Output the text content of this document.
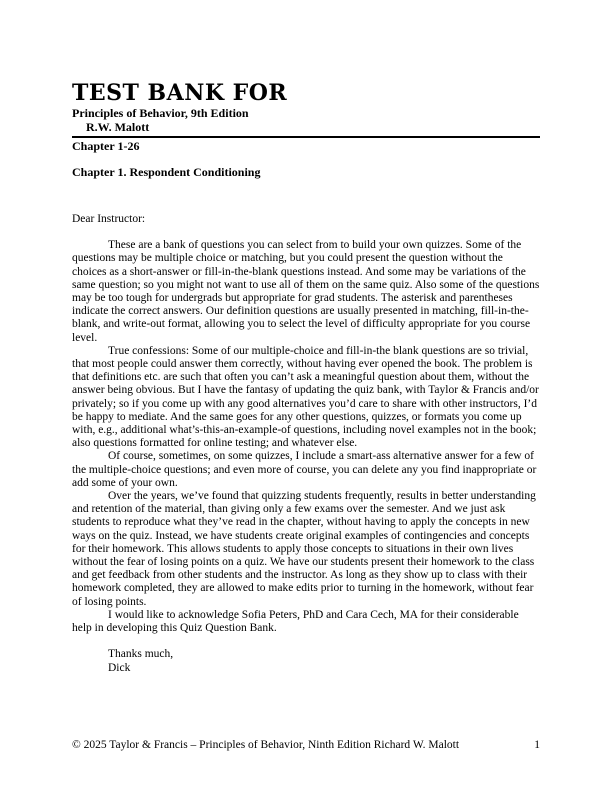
TEST BANK FOR
Principles of Behavior, 9th Edition
R.W. Malott
Chapter 1-26
Chapter 1. Respondent Conditioning
Dear Instructor:

These are a bank of questions you can select from to build your own quizzes. Some of the questions may be multiple choice or matching, but you could present the question without the choices as a short-answer or fill-in-the-blank questions instead. And some may be variations of the same question; so you might not want to use all of them on the same quiz. Also some of the questions may be too tough for undergrads but appropriate for grad students. The asterisk and parentheses indicate the correct answers. Our definition questions are usually presented in matching, fill-in-the-blank, and write-out format, allowing you to select the level of difficulty appropriate for you course level.

True confessions: Some of our multiple-choice and fill-in-the blank questions are so trivial, that most people could answer them correctly, without having ever opened the book. The problem is that definitions etc. are such that often you can’t ask a meaningful question about them, without the answer being obvious. But I have the fantasy of updating the quiz bank, with Taylor & Francis and/or privately; so if you come up with any good alternatives you’d care to share with other instructors, I’d be happy to mediate. And the same goes for any other questions, quizzes, or formats you come up with, e.g., additional what’s-this-an-example-of questions, including novel examples not in the book; also questions formatted for online testing; and whatever else.

Of course, sometimes, on some quizzes, I include a smart-ass alternative answer for a few of the multiple-choice questions; and even more of course, you can delete any you find inappropriate or add some of your own.

Over the years, we’ve found that quizzing students frequently, results in better understanding and retention of the material, than giving only a few exams over the semester. And we just ask students to reproduce what they’ve read in the chapter, without having to apply the concepts in new ways on the quiz. Instead, we have students create original examples of contingencies and concepts for their homework. This allows students to apply those concepts to situations in their own lives without the fear of losing points on a quiz. We have our students present their homework to the class and get feedback from other students and the instructor. As long as they show up to class with their homework completed, they are allowed to make edits prior to turning in the homework, without fear of losing points.

I would like to acknowledge Sofia Peters, PhD and Cara Cech, MA for their considerable help in developing this Quiz Question Bank.

Thanks much,
Dick
© 2025 Taylor & Francis – Principles of Behavior, Ninth Edition Richard W. Malott	1
